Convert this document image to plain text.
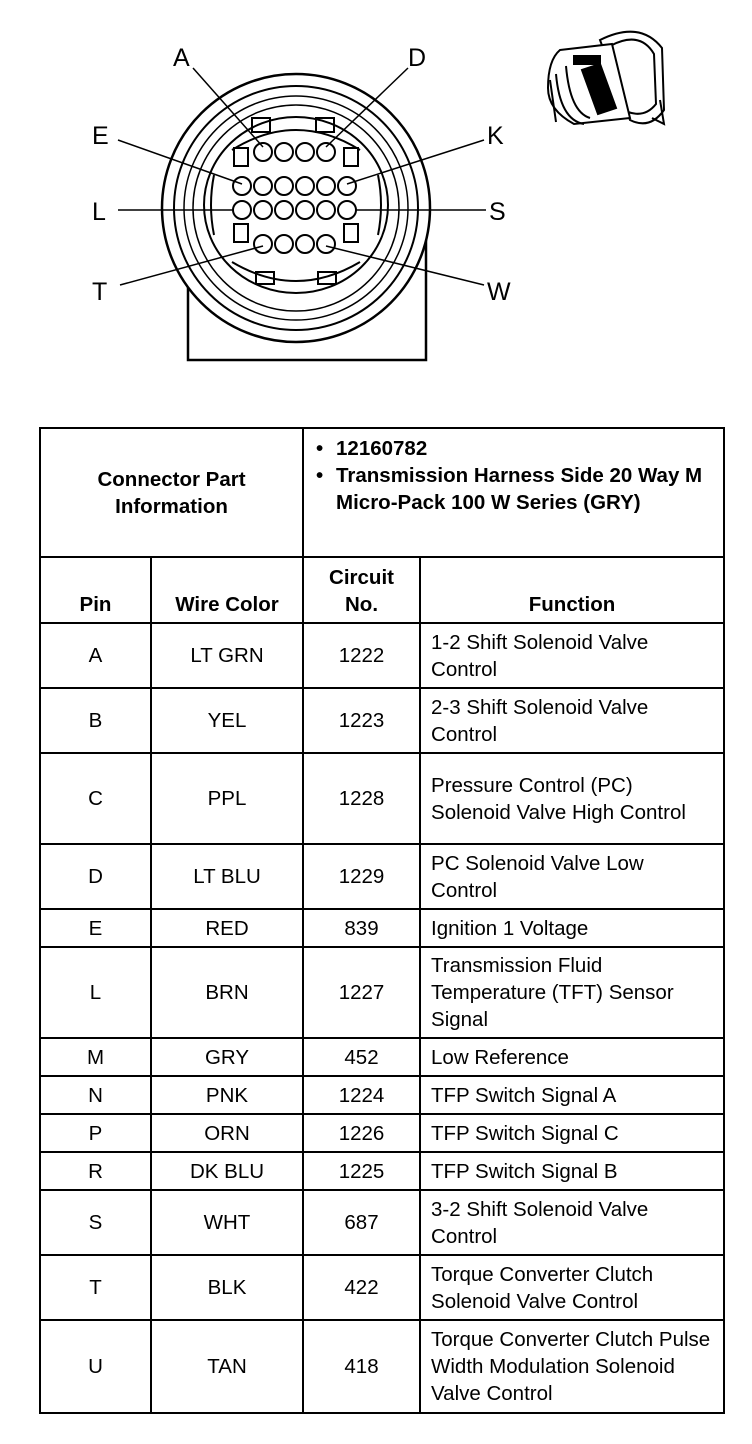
A	D
E	K
L	S
T	W
Connector Part Information		• 12160782
• Transmission Harness Side 20 Way M Micro-Pack 100 W Series (GRY)

Pin	Wire Color	Circuit No.	Function
A	LT GRN	1222	1-2 Shift Solenoid Valve Control
B	YEL	1223	2-3 Shift Solenoid Valve Control
C	PPL	1228	Pressure Control (PC) Solenoid Valve High Control
D	LT BLU	1229	PC Solenoid Valve Low Control
E	RED	839	Ignition 1 Voltage
L	BRN	1227	Transmission Fluid Temperature (TFT) Sensor Signal
M	GRY	452	Low Reference
N	PNK	1224	TFP Switch Signal A
P	ORN	1226	TFP Switch Signal C
R	DK BLU	1225	TFP Switch Signal B
S	WHT	687	3-2 Shift Solenoid Valve Control
T	BLK	422	Torque Converter Clutch Solenoid Valve Control
U	TAN	418	Torque Converter Clutch Pulse Width Modulation Solenoid Valve Control
